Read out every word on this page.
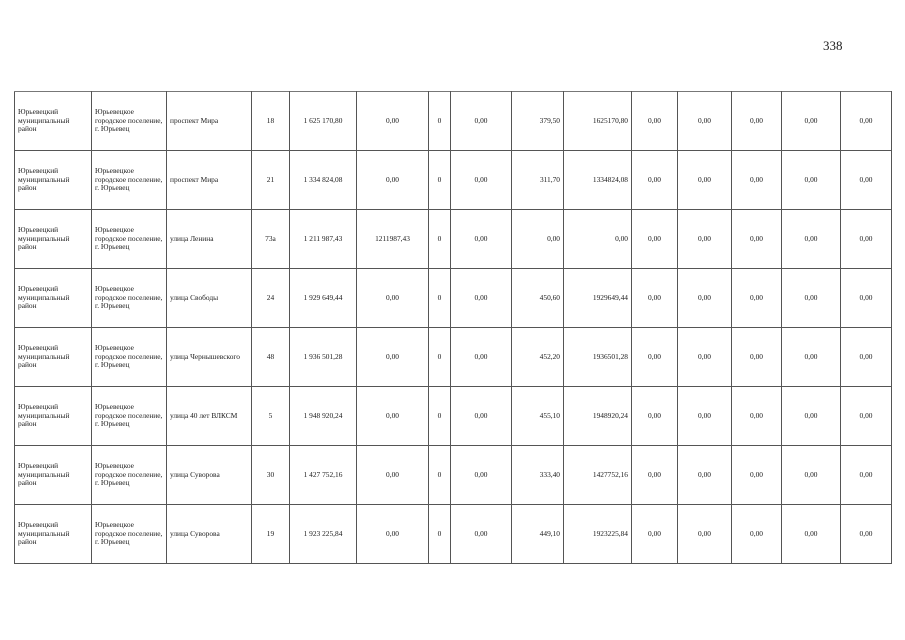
338
Юрьевецкий муниципальный район	Юрьевецкое городское поселение, г. Юрьевец	проспект Мира	18	1 625 170,80	0,00	0	0,00	379,50	1625170,80	0,00	0,00	0,00	0,00	0,00
Юрьевецкий муниципальный район	Юрьевецкое городское поселение, г. Юрьевец	проспект Мира	21	1 334 824,08	0,00	0	0,00	311,70	1334824,08	0,00	0,00	0,00	0,00	0,00
Юрьевецкий муниципальный район	Юрьевецкое городское поселение, г. Юрьевец	улица Ленина	73а	1 211 987,43	1211987,43	0	0,00	0,00	0,00	0,00	0,00	0,00	0,00	0,00
Юрьевецкий муниципальный район	Юрьевецкое городское поселение, г. Юрьевец	улица Свободы	24	1 929 649,44	0,00	0	0,00	450,60	1929649,44	0,00	0,00	0,00	0,00	0,00
Юрьевецкий муниципальный район	Юрьевецкое городское поселение, г. Юрьевец	улица Чернышевского	48	1 936 501,28	0,00	0	0,00	452,20	1936501,28	0,00	0,00	0,00	0,00	0,00
Юрьевецкий муниципальный район	Юрьевецкое городское поселение, г. Юрьевец	улица 40 лет ВЛКСМ	5	1 948 920,24	0,00	0	0,00	455,10	1948920,24	0,00	0,00	0,00	0,00	0,00
Юрьевецкий муниципальный район	Юрьевецкое городское поселение, г. Юрьевец	улица Суворова	30	1 427 752,16	0,00	0	0,00	333,40	1427752,16	0,00	0,00	0,00	0,00	0,00
Юрьевецкий муниципальный район	Юрьевецкое городское поселение, г. Юрьевец	улица Суворова	19	1 923 225,84	0,00	0	0,00	449,10	1923225,84	0,00	0,00	0,00	0,00	0,00
